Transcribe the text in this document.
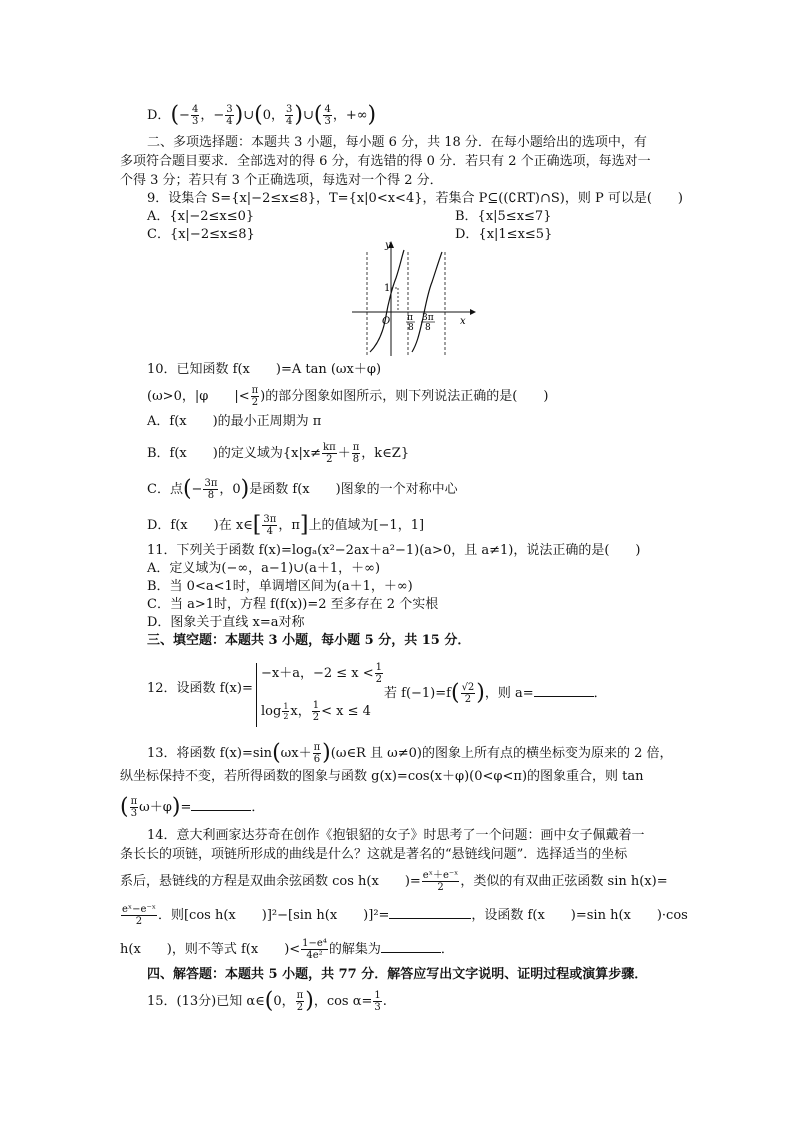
D．(− $\frac{4}{3}$ ，− $\frac{3}{4}$ )∪(0， $\frac{3}{4}$ )∪( $\frac{4}{3}$ ，+∞)
二、多项选择题：本题共 3 小题，每小题 6 分，共 18 分．在每小题给出的选项中，有
多项符合题目要求．全部选对的得 6 分，有选错的得 0 分．若只有 2 个正确选项，每选对一
个得 3 分；若只有 3 个正确选项，每选对一个得 2 分．
9．设集合 S={x|−2≤x≤8}，T={x|0<x<4}，若集合 P⊆((∁RT)∩S)，则 P 可以是(　　)
A．{x|−2≤x≤0}	B．{x|5≤x≤7}
C．{x|−2≤x≤8}	D．{x|1≤x≤5}
y
x
O
1
π
8
3π
8
10．已知函数 f(x　　)=A tan (ωx＋φ)
(ω>0，|φ　　|< $\frac{\pi}{2}$ )的部分图象如图所示，则下列说法正确的是(　　)
A．f(x　　)的最小正周期为 π
B．f(x　　)的定义域为{$x|x\ne \frac{k\pi}{2} + \frac{\pi}{8}$ ，k∈Z}
C．点(− $\frac{3\pi}{8}$ ，0)是函数 f(x　　)图象的一个对称中心
D．f(x　　)在 x∈[ $\frac{3\pi}{4}$ ，π]上的值域为[−1，1]
11．下列关于函数 f(x)=logₐ(x²−2ax＋a²−1)(a>0，且 a≠1)，说法正确的是(　　)
A．定义域为(−∞，a−1)∪(a＋1，＋∞)
B．当 0<a<1时，单调增区间为(a＋1，＋∞)
C．当 a>1时，方程 f(f(x))=2 至多存在 2 个实根
D．图象关于直线 x=a对称
三、填空题：本题共 3 小题，每小题 5 分，共 15 分．
12．设函数 f(x)=
−x＋a，$-2 \le x < \frac{1}{2}$
$\log \frac{1}{2}$ x， $\frac{1}{2} < x \le 4$
若 $f(-1)=f( \frac{√2}{2}$ )，则 a=	．
13．将函数 $f(x)=\sin(\omega x+ \frac{\pi}{6}$ )(ω∈R 且 ω≠0)的图象上所有点的横坐标变为原来的 2 倍，
纵坐标保持不变，若所得函数的图象与函数 g(x)=cos(x＋φ)(0<φ<π)的图象重合，则 tan
( $\frac{\pi}{3} \omega+\varphi)=$	．
14．意大利画家达芬奇在创作《抱银貂的女子》时思考了一个问题：画中女子佩戴着一
条长长的项链，项链所形成的曲线是什么？这就是著名的“悬链线问题”．选择适当的坐标
系后，悬链线的方程是双曲余弦函数 cos h(x　　)= $\frac{\text{eˣ＋e⁻ˣ}}{2}$ ，类似的有双曲正弦函数 sin h(x)=
$\frac{\text{eˣ−e⁻ˣ}}{2}$ ．则[cos h(x　　)]²−[sin h(x　　)]²=	，设函数 f(x　　)=sin h(x　　)·cos
h(x　　)，则不等式 f(x　　)< $\frac{\text{1−e⁴}}{\text{4e²}}$ 的解集为	．
四、解答题：本题共 5 小题，共 77 分．解答应写出文字说明、证明过程或演算步骤．
15．(13分)已知 α∈(0， $\frac{\pi}{2}$ )，$\cos \alpha= \frac{1}{3}$ .
